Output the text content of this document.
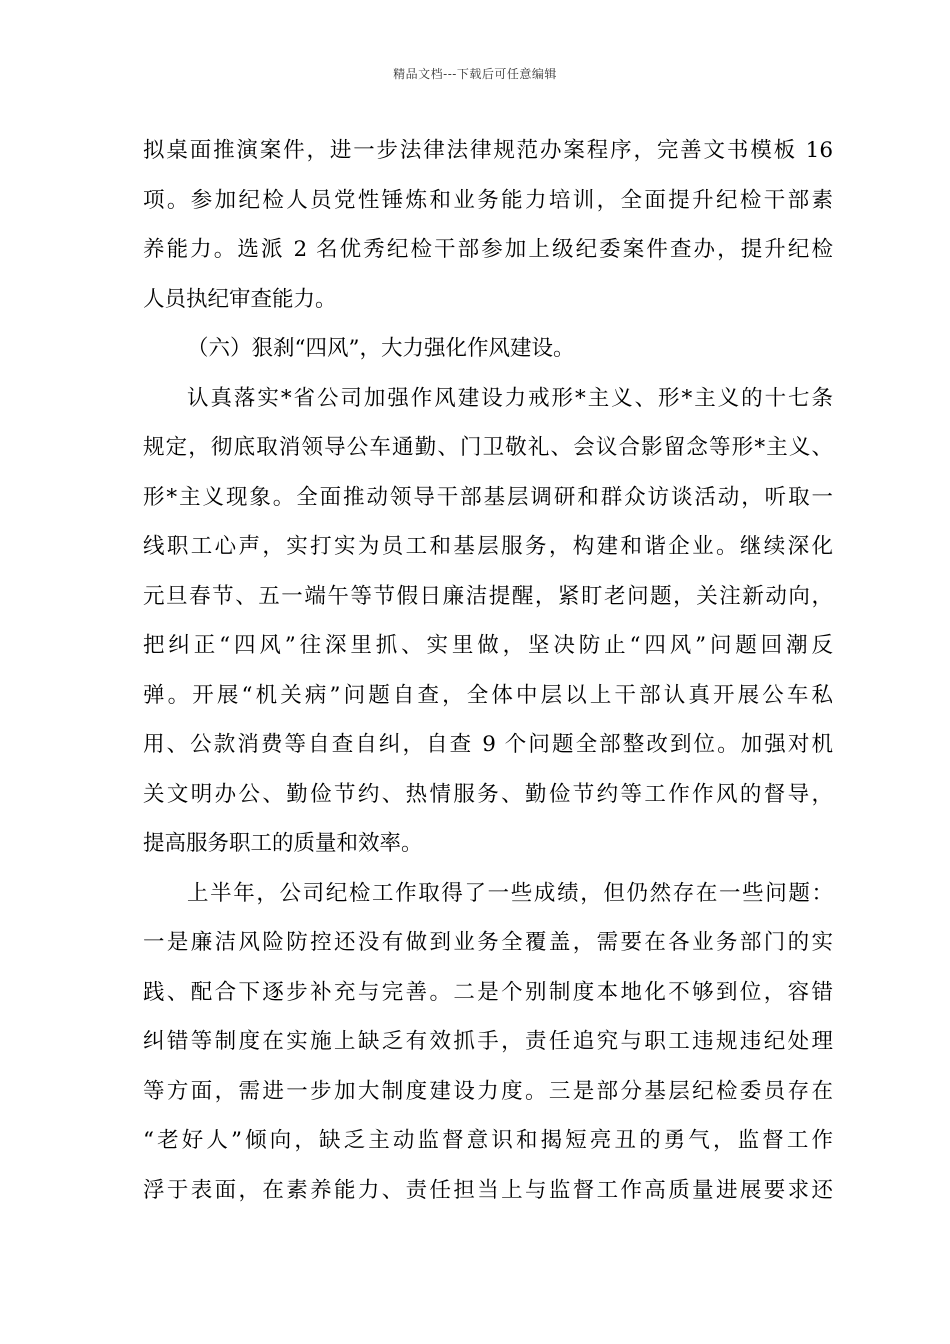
精品文档---下载后可任意编辑
拟桌面推演案件，进一步法律法律规范办案程序，完善文书模板 16
项。参加纪检人员党性锤炼和业务能力培训，全面提升纪检干部素
养能力。选派 2 名优秀纪检干部参加上级纪委案件查办，提升纪检
人员执纪审查能力。
（六）狠刹“四风”，大力强化作风建设。
认真落实*省公司加强作风建设力戒形*主义、形*主义的十七条
规定，彻底取消领导公车通勤、门卫敬礼、会议合影留念等形*主义、
形*主义现象。全面推动领导干部基层调研和群众访谈活动，听取一
线职工心声，实打实为员工和基层服务，构建和谐企业。继续深化
元旦春节、五一端午等节假日廉洁提醒，紧盯老问题，关注新动向，
把纠正“四风”往深里抓、实里做，坚决防止“四风”问题回潮反
弹。开展“机关病”问题自查，全体中层以上干部认真开展公车私
用、公款消费等自查自纠，自查 9 个问题全部整改到位。加强对机
关文明办公、勤俭节约、热情服务、勤俭节约等工作作风的督导，
提高服务职工的质量和效率。
上半年，公司纪检工作取得了一些成绩，但仍然存在一些问题：
一是廉洁风险防控还没有做到业务全覆盖，需要在各业务部门的实
践、配合下逐步补充与完善。二是个别制度本地化不够到位，容错
纠错等制度在实施上缺乏有效抓手，责任追究与职工违规违纪处理
等方面，需进一步加大制度建设力度。三是部分基层纪检委员存在
“老好人”倾向，缺乏主动监督意识和揭短亮丑的勇气，监督工作
浮于表面，在素养能力、责任担当上与监督工作高质量进展要求还
